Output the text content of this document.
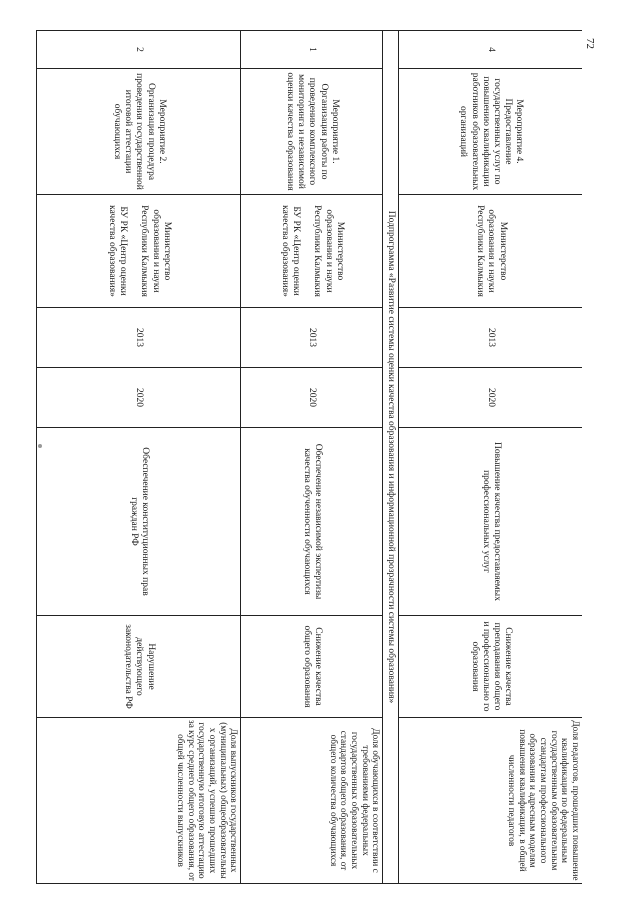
4	Мероприятие 4. Предоставление государственных услуг по повышению квалификации работников образовательных организаций	Министерство образования и науки Республики Калмыкия	2013	2020	Повышение качества предоставляемых профессиональных услуг	Снижение качества преподавания общего и профессионально го образования	Доля педагогов, прошедших повышение квалификации по федеральным государственным образовательным стандартам профессионального образования и адресным моделям повышения квалификации, в общей численности педагогов
Подпрограмма «Развитие системы оценки качества образования и информационной прозрачности системы образования»							
1	Мероприятие 1. Организация работы по проведению комплексного мониторинга и независимой оценки качества образования	Министерство образования и науки Республики Калмыкия
БУ РК «Центр оценки качества образования»	2013	2020	Обеспечение независимой экспертизы качества обученности обучающихся	Снижение качества общего образования	Доля обучающихся в соответствии с требованиями федеральных государственных образовательных стандартов общего образования, от общего количества обучающихся
2	Мероприятие 2. Организация процедура проведения государственной итоговой аттестации обучающихся	Министерство образования и науки Республики Калмыкия
БУ РК «Центр оценки качества образования»	2013	2020	Обеспечение конституционных прав граждан РФ	Нарушение действующего законодательства РФ	Доля выпускников государственных (муниципальных) общеобразовательны х организаций, успешно прошедших государственную итоговую аттестацию за курс среднего общего образования, от общей численности выпускников
72
